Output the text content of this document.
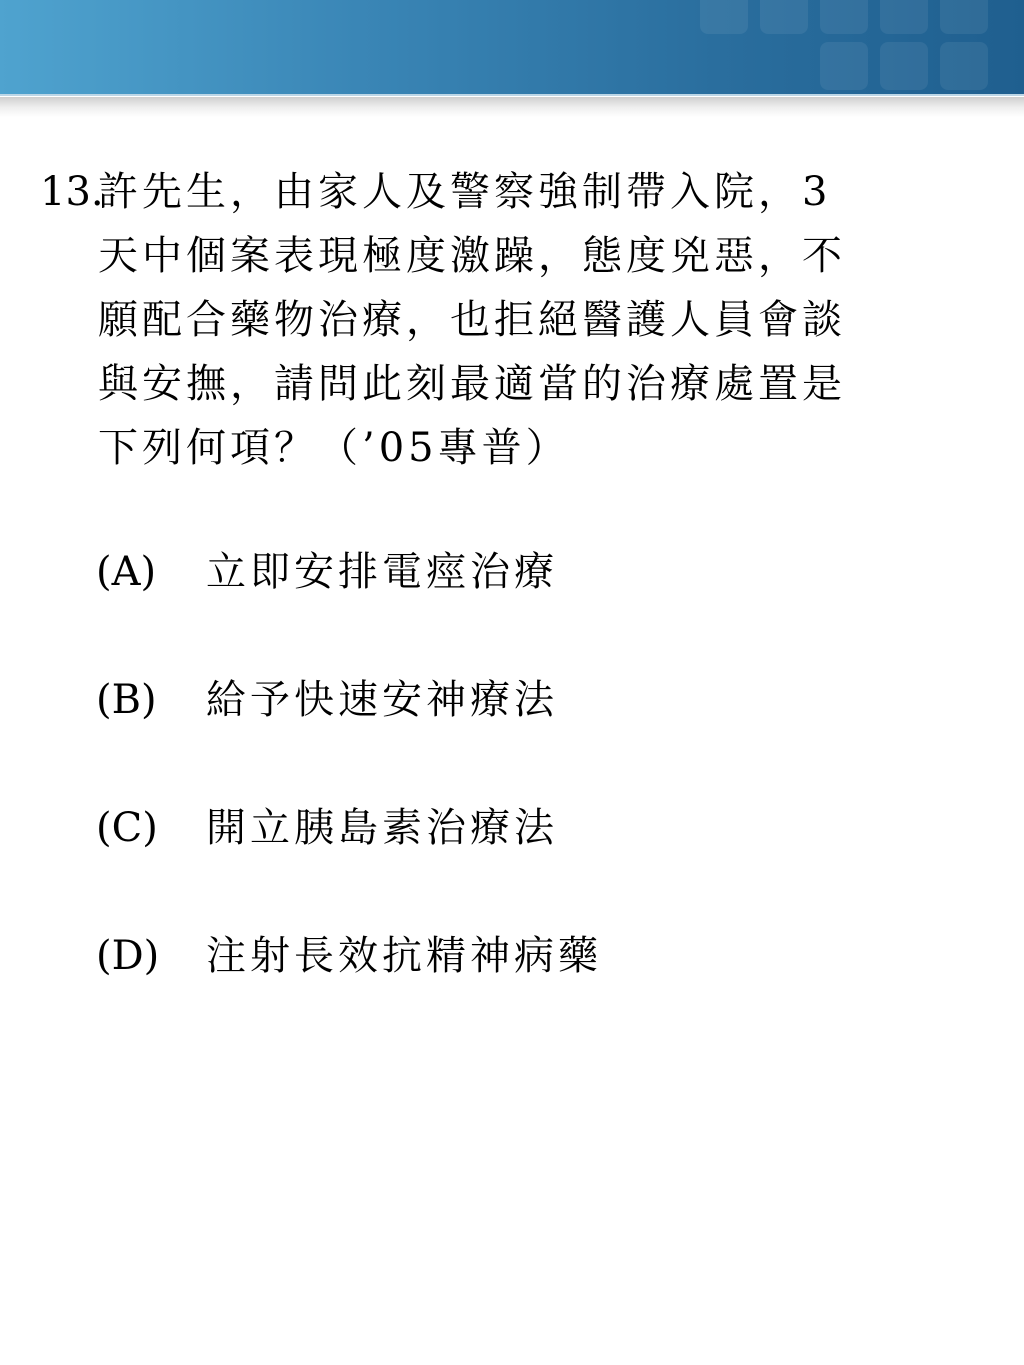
13.
許先生，由家人及警察強制帶入院，3
天中個案表現極度激躁，態度兇惡，不
願配合藥物治療，也拒絕醫護人員會談
與安撫，請問此刻最適當的治療處置是
下列何項？（’05專普）
(A) 立即安排電痙治療
(B) 給予快速安神療法
(C) 開立胰島素治療法
(D) 注射長效抗精神病藥
